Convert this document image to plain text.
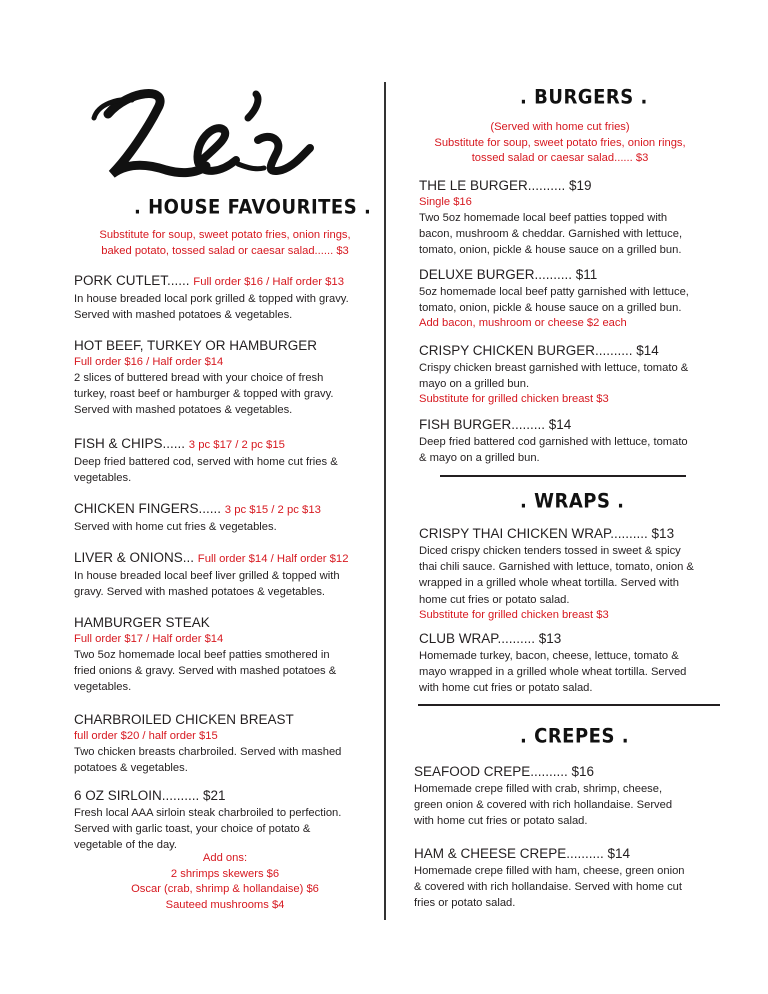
. HOUSE FAVOURITES .
Substitute for soup, sweet potato fries, onion rings,
baked potato, tossed salad or caesar salad...... $3
PORK CUTLET...... Full order $16 / Half order $13
In house breaded local pork grilled & topped with gravy.
Served with mashed potatoes & vegetables.
HOT BEEF, TURKEY OR HAMBURGER
Full order $16 / Half order $14
2 slices of buttered bread with your choice of fresh
turkey, roast beef or hamburger & topped with gravy.
Served with mashed potatoes & vegetables.
FISH & CHIPS...... 3 pc $17 / 2 pc $15
Deep fried battered cod, served with home cut fries &
vegetables.
CHICKEN FINGERS...... 3 pc $15 / 2 pc $13
Served with home cut fries & vegetables.
LIVER & ONIONS... Full order $14 / Half order $12
In house breaded local beef liver grilled & topped with
gravy. Served with mashed potatoes & vegetables.
HAMBURGER STEAK
Full order $17 / Half order $14
Two 5oz homemade local beef patties smothered in
fried onions & gravy. Served with mashed potatoes &
vegetables.
CHARBROILED CHICKEN BREAST
full order $20 / half order $15
Two chicken breasts charbroiled. Served with mashed
potatoes & vegetables.
6 OZ SIRLOIN.......... $21
Fresh local AAA sirloin steak charbroiled to perfection.
Served with garlic toast, your choice of potato &
vegetable of the day.
Add ons:
2 shrimps skewers $6
Oscar (crab, shrimp & hollandaise) $6
Sauteed mushrooms $4
. BURGERS .
(Served with home cut fries)
Substitute for soup, sweet potato fries, onion rings,
tossed salad or caesar salad...... $3
THE LE BURGER.......... $19
Single $16
Two 5oz homemade local beef patties topped with
bacon, mushroom & cheddar. Garnished with lettuce,
tomato, onion, pickle & house sauce on a grilled bun.
DELUXE BURGER.......... $11
5oz homemade local beef patty garnished with lettuce,
tomato, onion, pickle & house sauce on a grilled bun.
Add bacon, mushroom or cheese $2 each
CRISPY CHICKEN BURGER.......... $14
Crispy chicken breast garnished with lettuce, tomato &
mayo on a grilled bun.
Substitute for grilled chicken breast $3
FISH BURGER......... $14
Deep fried battered cod garnished with lettuce, tomato
& mayo on a grilled bun.
. WRAPS .
CRISPY THAI CHICKEN WRAP.......... $13
Diced crispy chicken tenders tossed in sweet & spicy
thai chili sauce. Garnished with lettuce, tomato, onion &
wrapped in a grilled whole wheat tortilla. Served with
home cut fries or potato salad.
Substitute for grilled chicken breast $3
CLUB WRAP.......... $13
Homemade turkey, bacon, cheese, lettuce, tomato &
mayo wrapped in a grilled whole wheat tortilla. Served
with home cut fries or potato salad.
. CREPES .
SEAFOOD CREPE.......... $16
Homemade crepe filled with crab, shrimp, cheese,
green onion & covered with rich hollandaise. Served
with home cut fries or potato salad.
HAM & CHEESE CREPE.......... $14
Homemade crepe filled with ham, cheese, green onion
& covered with rich hollandaise. Served with home cut
fries or potato salad.
